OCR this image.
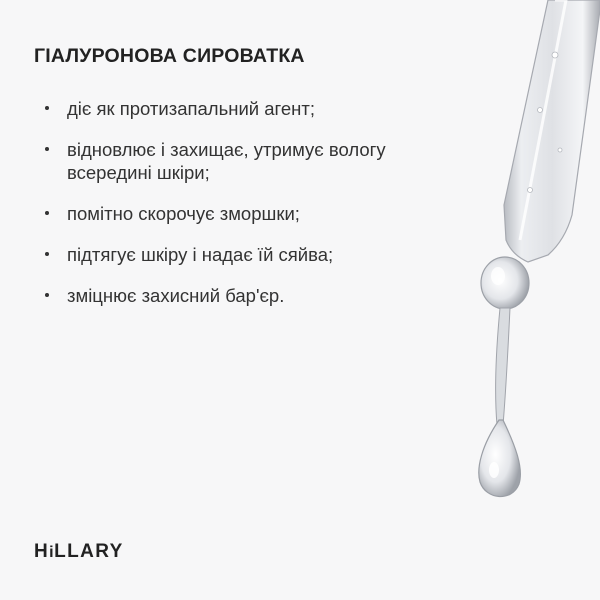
ГІАЛУРОНОВА СИРОВАТКА
діє як протизапальний агент;
відновлює і захищає, утримує вологу всередині шкіри;
помітно скорочує зморшки;
підтягує шкіру і надає їй сяйва;
зміцнює захисний бар'єр.
HiLLARY
